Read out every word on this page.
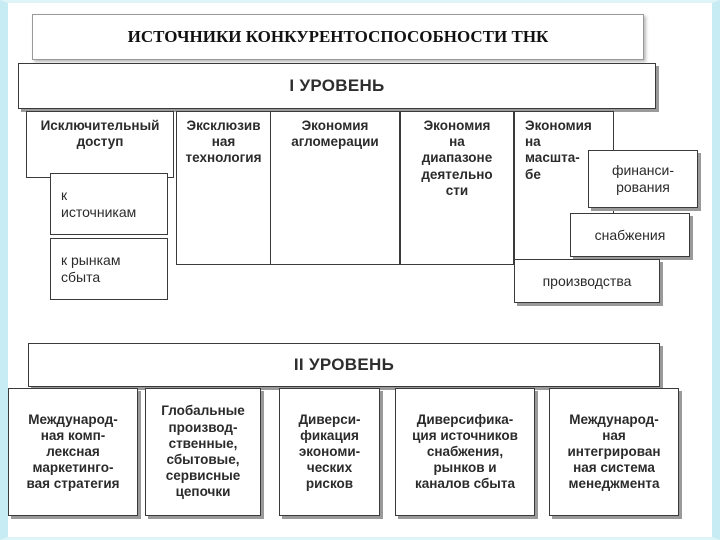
ИСТОЧНИКИ КОНКУРЕНТОСПОСОБНОСТИ ТНК
I УРОВЕНЬ
Исключительный
доступ
к
источникам
к рынкам
сбыта
Эксклюзив
ная
технология
Экономия
агломерации
Экономия
на
диапазоне
деятельно
сти
Экономия
на
масшта-
бе	финанси-
рования
снабжения
производства
II УРОВЕНЬ
Международ-
ная комп-
лексная
маркетинго-
вая стратегия
Глобальные
производ-
ственные,
сбытовые,
сервисные
цепочки
Диверси-
фикация
экономи-
ческих
рисков
Диверсифика-
ция источников
снабжения,
рынков и
каналов сбыта
Международ-
ная
интегрирован
ная система
менеджмента
